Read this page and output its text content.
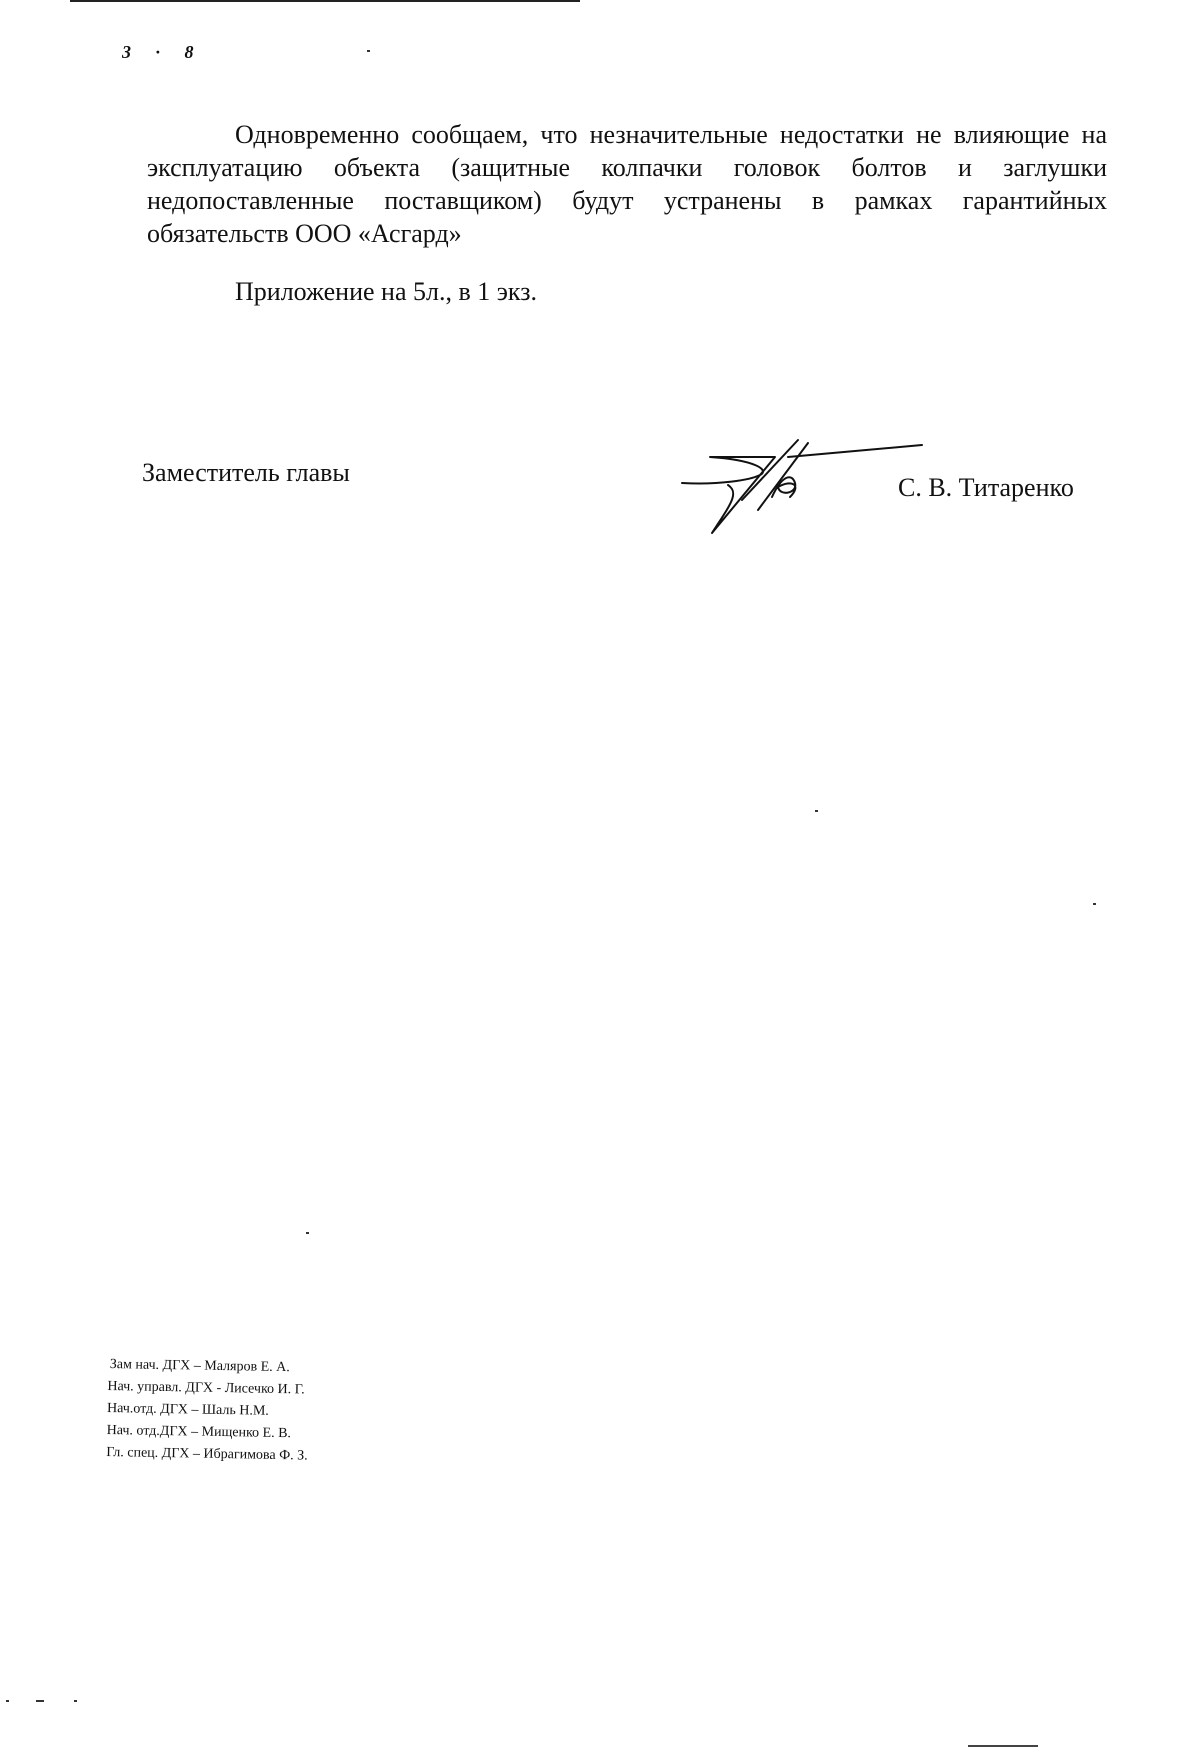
3 · 8

Одновременно сообщаем, что незначительные недостатки не влияющие на эксплуатацию объекта (защитные колпачки головок болтов и заглушки недопоставленные поставщиком) будут устранены в рамках гарантийных обязательств ООО «Асгард»

Приложение на 5л., в 1 экз.

Заместитель главы
С. В. Титаренко
Зам нач. ДГХ – Маляров Е. А.
Нач. управл. ДГХ - Лисечко И. Г.
Нач.отд. ДГХ – Шаль Н.М.
Нач. отд.ДГХ – Мищенко Е. В.
Гл. спец. ДГХ – Ибрагимова Ф. З.
